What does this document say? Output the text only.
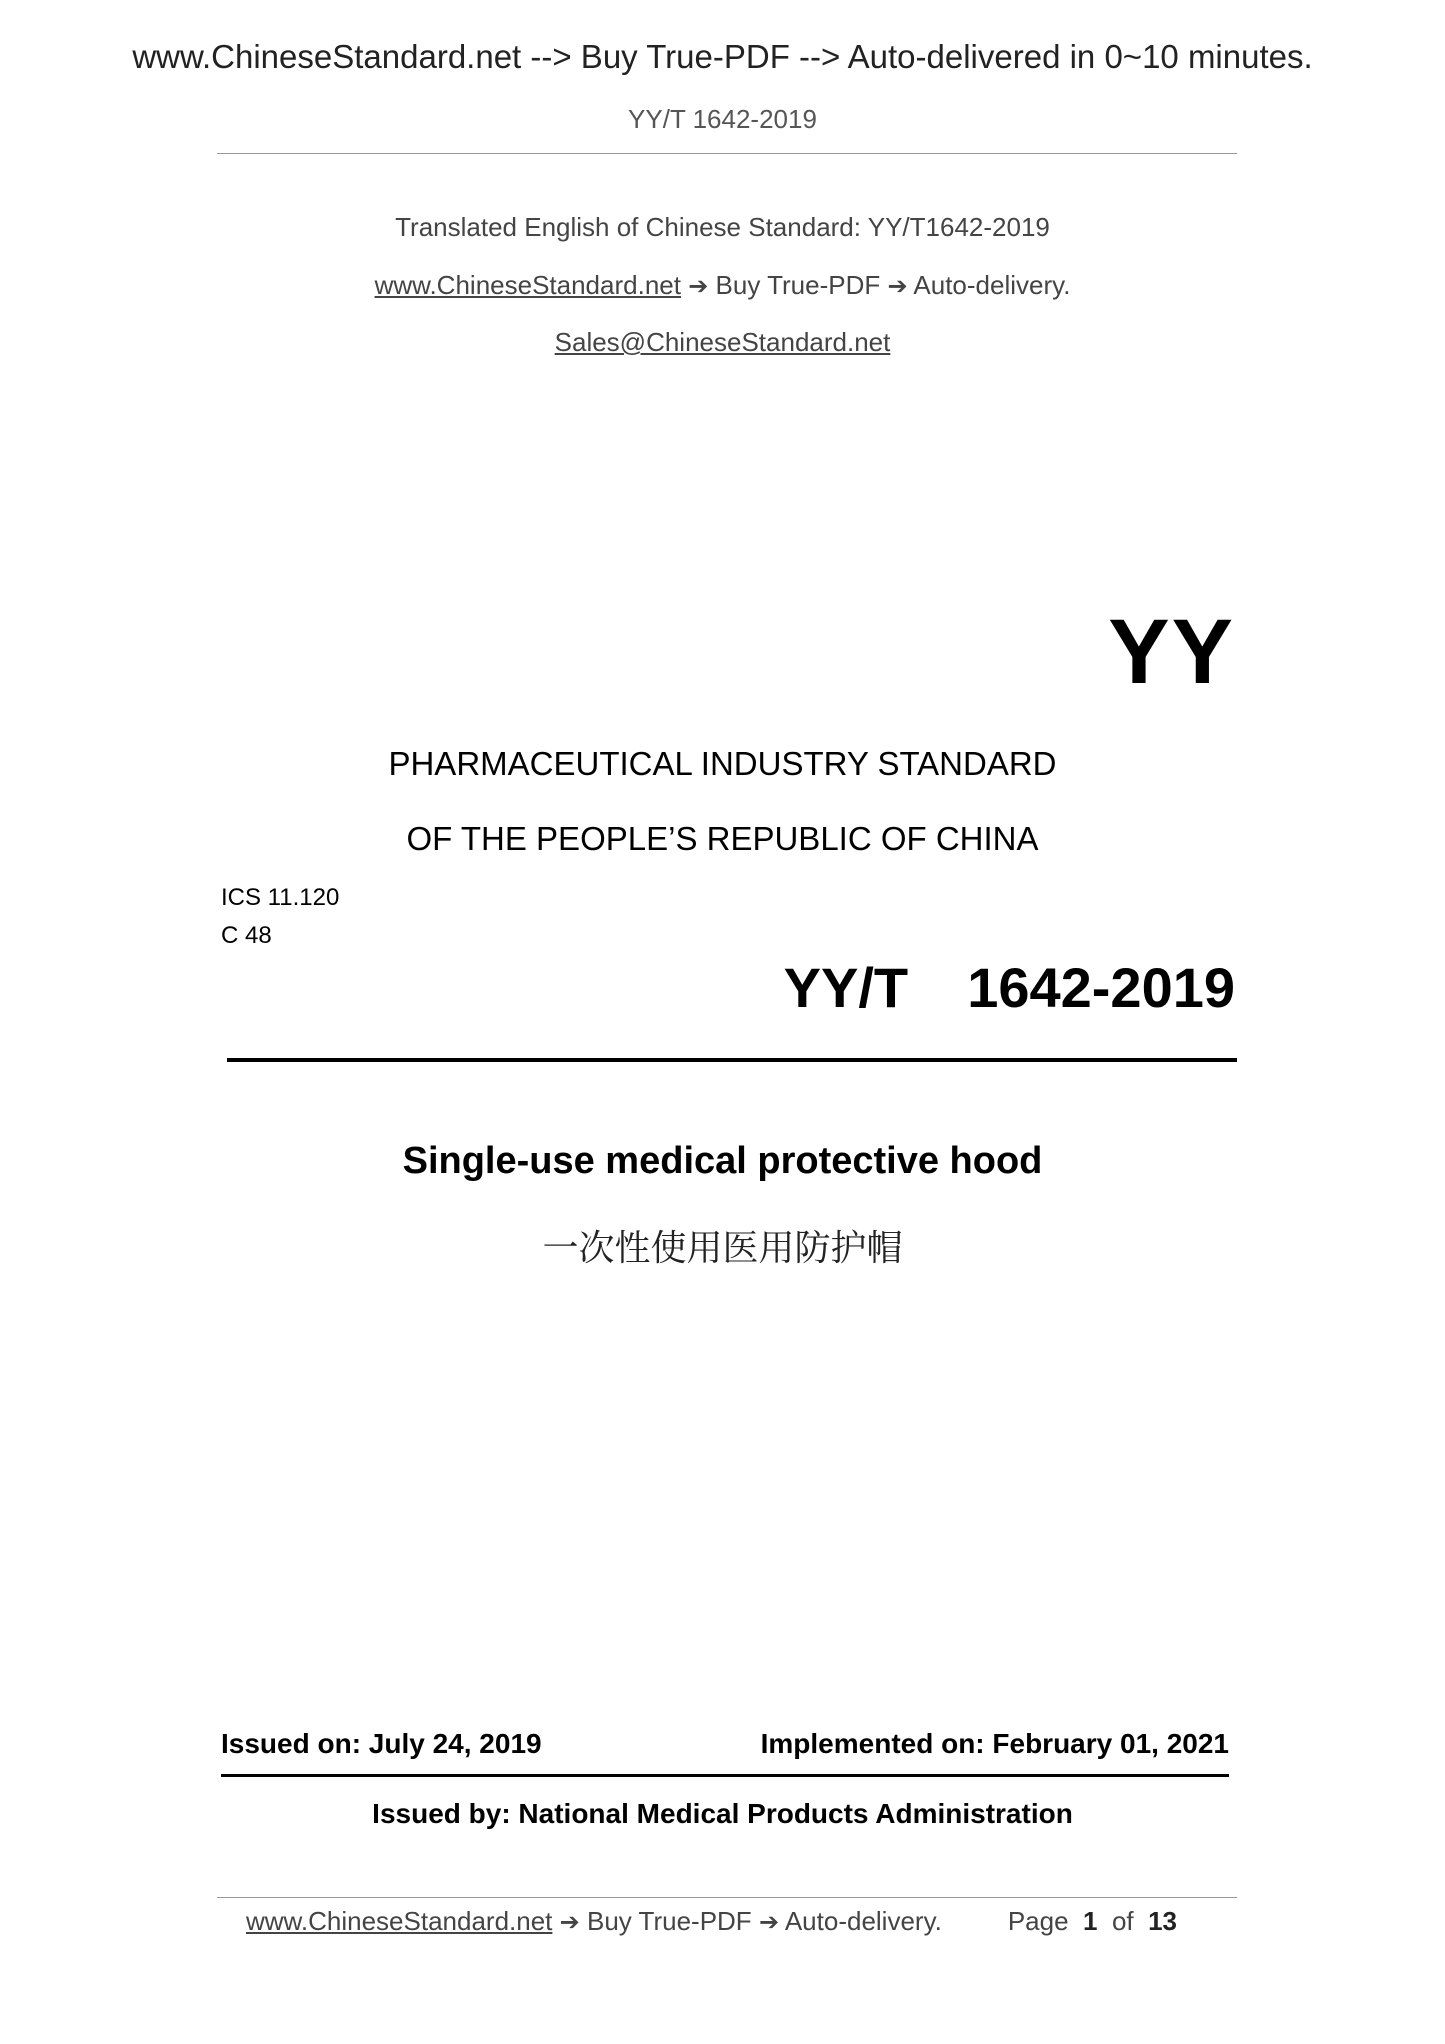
www.ChineseStandard.net --> Buy True-PDF --> Auto-delivered in 0~10 minutes.
YY/T 1642-2019
Translated English of Chinese Standard: YY/T1642-2019
www.ChineseStandard.net ➔ Buy True-PDF ➔ Auto-delivery.
Sales@ChineseStandard.net
YY
PHARMACEUTICAL INDUSTRY STANDARD
OF THE PEOPLE’S REPUBLIC OF CHINA
ICS 11.120
C 48
YY/T  1642-2019
Single-use medical protective hood
一次性使用医用防护帽
Issued on: July 24, 2019	Implemented on: February 01, 2021
Issued by: National Medical Products Administration
www.ChineseStandard.net ➔ Buy True-PDF ➔ Auto-delivery.	Page 1 of 13
